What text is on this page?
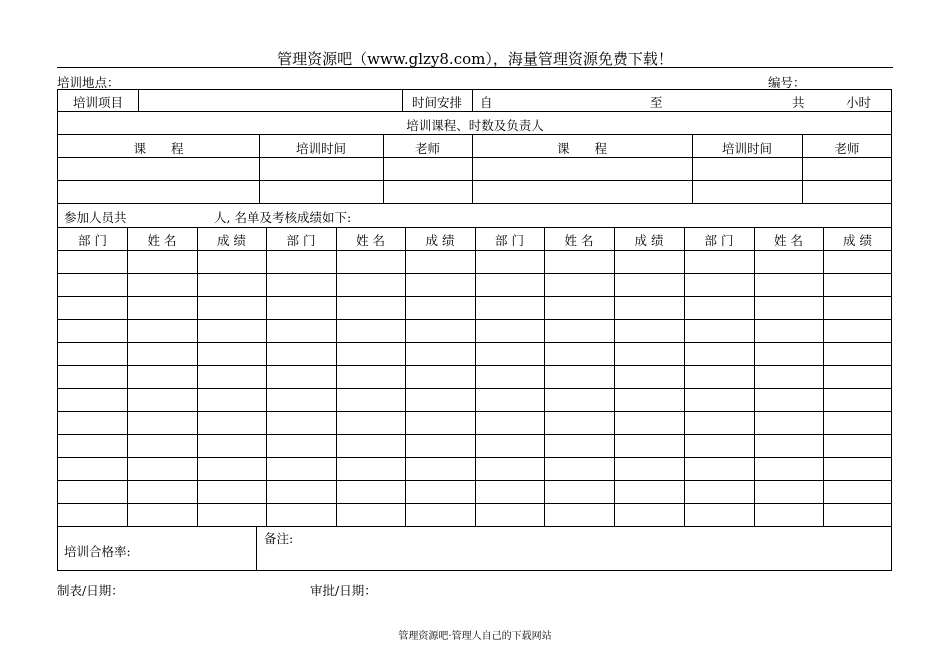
管理资源吧（www.glzy8.com），海量管理资源免费下载！
培训地点：	编号：
培训项目	时间安排	自	至	共	小时
培训课程、时数及负责人
课　　程	培训时间	老师	课　　程	培训时间	老师
参加人员共	人, 名单及考核成绩如下:
部 门	姓 名	成 绩	部 门	姓 名	成 绩	部 门	姓 名	成 绩	部 门	姓 名	成 绩
培训合格率:
备注:
制表/日期：	审批/日期：
管理资源吧·管理人自己的下载网站
